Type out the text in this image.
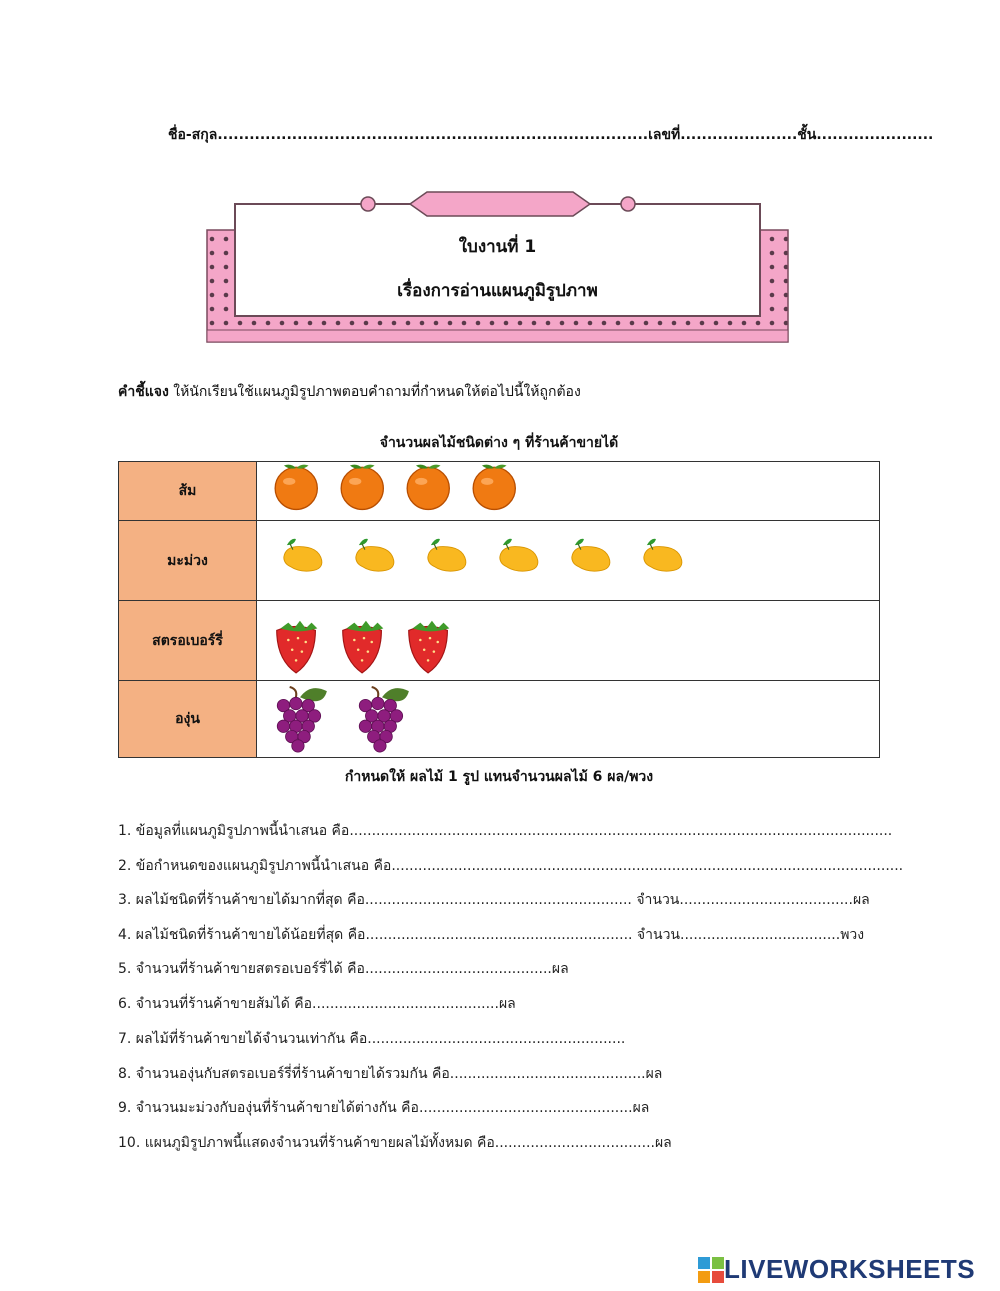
ชื่อ-สกุล.................................................................................เลขที่......................ชั้น......................
ใบงานที่ 1
เรื่องการอ่านแผนภูมิรูปภาพ
คำชี้แจง ให้นักเรียนใช้แผนภูมิรูปภาพตอบคำถามที่กำหนดให้ต่อไปนี้ให้ถูกต้อง
จำนวนผลไม้ชนิดต่าง ๆ ที่ร้านค้าขายได้
ส้ม	

มะม่วง	

สตรอเบอร์รี่	

องุ่น	
กำหนดให้ ผลไม้ 1 รูป แทนจำนวนผลไม้ 6 ผล/พวง
1. ข้อมูลที่แผนภูมิรูปภาพนี้นำเสนอ คือ..........................................................................................................................
2. ข้อกำหนดของแผนภูมิรูปภาพนี้นำเสนอ คือ...................................................................................................................
3. ผลไม้ชนิดที่ร้านค้าขายได้มากที่สุด คือ............................................................ จำนวน.......................................ผล
4. ผลไม้ชนิดที่ร้านค้าขายได้น้อยที่สุด คือ............................................................ จำนวน....................................พวง
5. จำนวนที่ร้านค้าขายสตรอเบอร์รี่ได้ คือ..........................................ผล
6. จำนวนที่ร้านค้าขายส้มได้ คือ..........................................ผล
7. ผลไม้ที่ร้านค้าขายได้จำนวนเท่ากัน คือ..........................................................
8. จำนวนองุ่นกับสตรอเบอร์รี่ที่ร้านค้าขายได้รวมกัน คือ............................................ผล
9. จำนวนมะม่วงกับองุ่นที่ร้านค้าขายได้ต่างกัน คือ................................................ผล
10. แผนภูมิรูปภาพนี้แสดงจำนวนที่ร้านค้าขายผลไม้ทั้งหมด คือ....................................ผล
LIVEWORKSHEETS
